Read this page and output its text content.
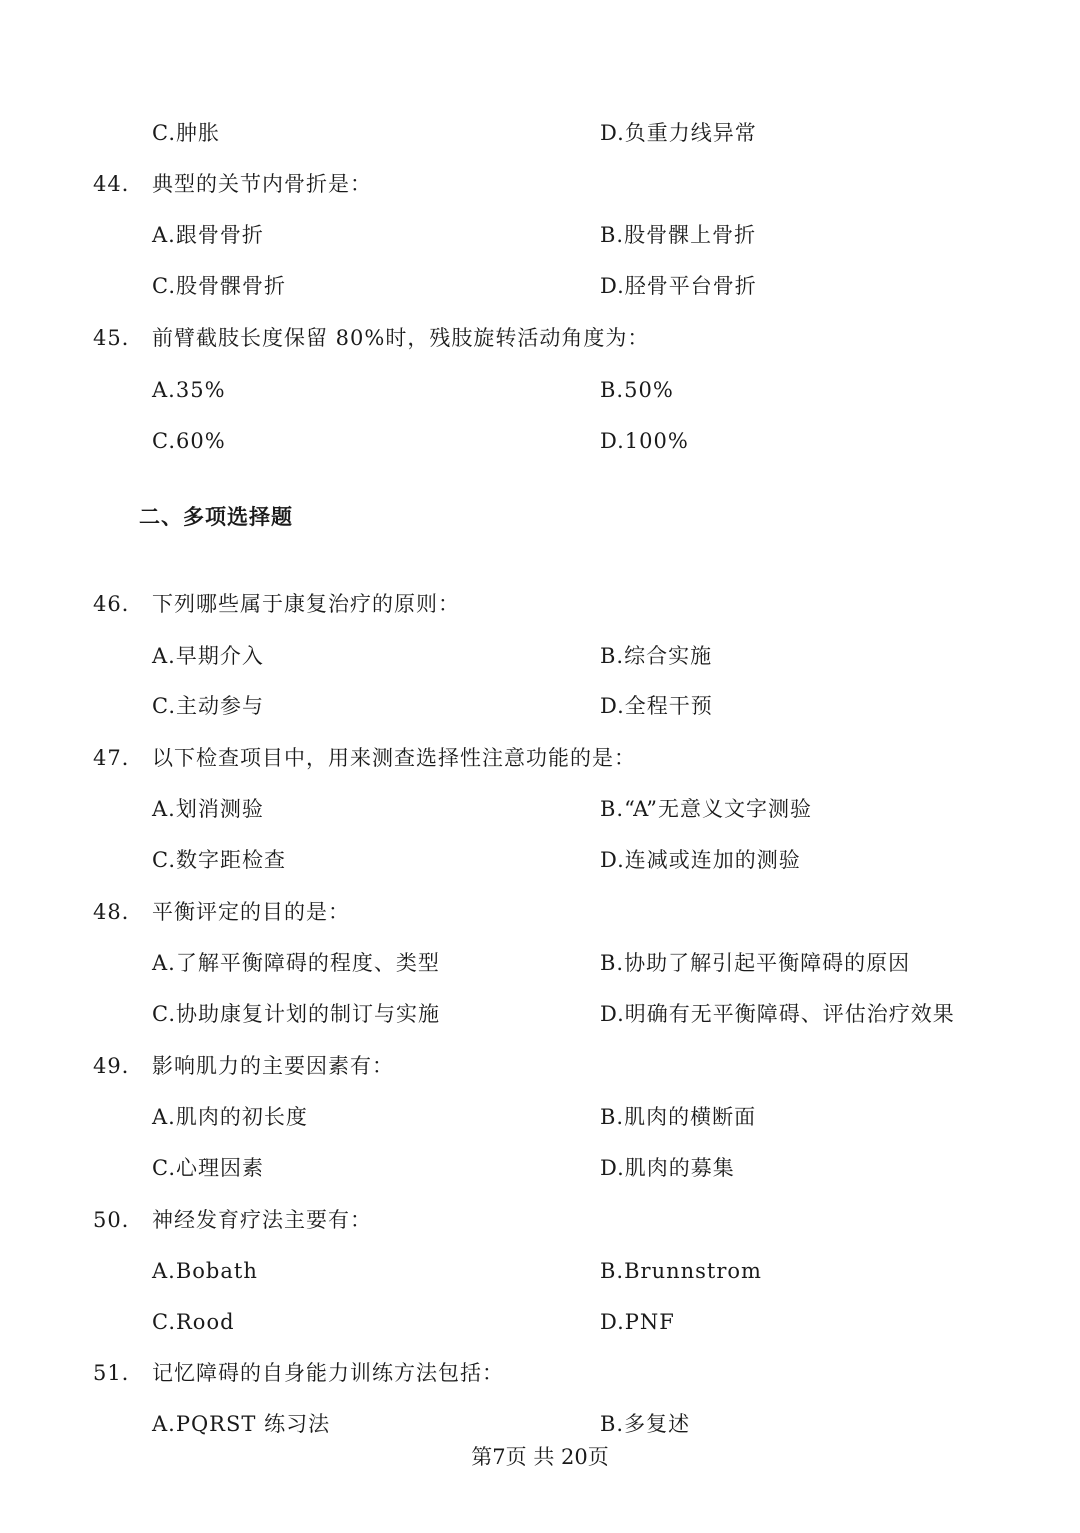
C.肿胀	D.负重力线异常
44． 典型的关节内骨折是：
A.跟骨骨折	B.股骨髁上骨折
C.股骨髁骨折	D.胫骨平台骨折
45． 前臂截肢长度保留 80%时，残肢旋转活动角度为：
A.35%	B.50%
C.60%	D.100%
二、多项选择题
46． 下列哪些属于康复治疗的原则：
A.早期介入	B.综合实施
C.主动参与	D.全程干预
47． 以下检查项目中，用来测查选择性注意功能的是：
A.划消测验	B.“A”无意义文字测验
C.数字距检查	D.连减或连加的测验
48． 平衡评定的目的是：
A.了解平衡障碍的程度、类型	B.协助了解引起平衡障碍的原因
C.协助康复计划的制订与实施	D.明确有无平衡障碍、评估治疗效果
49． 影响肌力的主要因素有：
A.肌肉的初长度	B.肌肉的横断面
C.心理因素	D.肌肉的募集
50． 神经发育疗法主要有：
A.Bobath	B.Brunnstrom
C.Rood	D.PNF
51． 记忆障碍的自身能力训练方法包括：
A.PQRST 练习法	B.多复述
第7页 共 20页
